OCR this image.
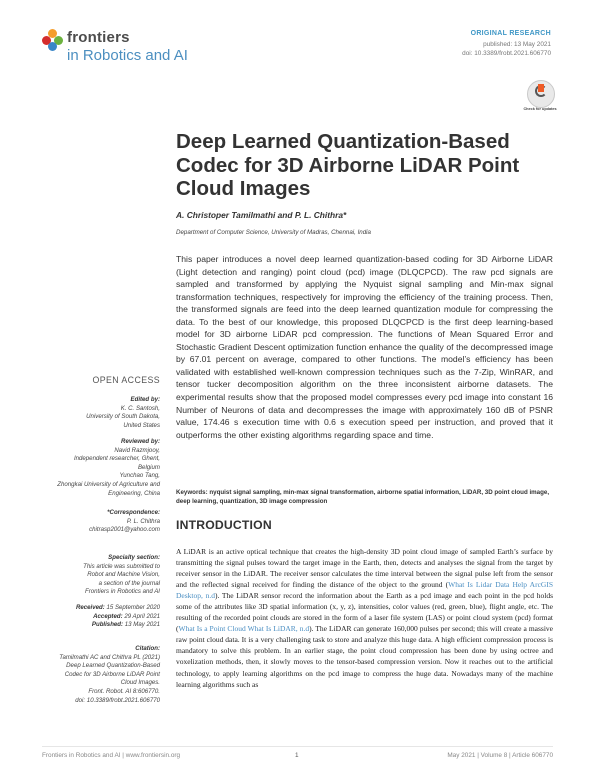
frontiers
in Robotics and AI
ORIGINAL RESEARCH
published: 13 May 2021
doi: 10.3389/frobt.2021.606770
Check for updates
Deep Learned Quantization-Based Codec for 3D Airborne LiDAR Point Cloud Images
A. Christoper Tamilmathi and P. L. Chithra*
Department of Computer Science, University of Madras, Chennai, India
This paper introduces a novel deep learned quantization-based coding for 3D Airborne LiDAR (Light detection and ranging) point cloud (pcd) image (DLQCPCD). The raw pcd signals are sampled and transformed by applying the Nyquist signal sampling and Min-max signal transformation techniques, respectively for improving the efficiency of the training process. Then, the transformed signals are feed into the deep learned quantization module for compressing the data. To the best of our knowledge, this proposed DLQCPCD is the first deep learning-based model for 3D airborne LiDAR pcd compression. The functions of Mean Squared Error and Stochastic Gradient Descent optimization function enhance the quality of the decompressed image by 67.01 percent on average, compared to other functions. The model’s efficiency has been validated with established well-known compression techniques such as the 7-Zip, WinRAR, and tensor tucker decomposition algorithm on the three inconsistent airborne datasets. The experimental results show that the proposed model compresses every pcd image into constant 16 Number of Neurons of data and decompresses the image with approximately 160 dB of PSNR value, 174.46 s execution time with 0.6 s execution speed per instruction, and proved that it outperforms the other existing algorithms regarding space and time.
Keywords: nyquist signal sampling, min-max signal transformation, airborne spatial information, LiDAR, 3D point cloud image, deep learning, quantization, 3D image compression
INTRODUCTION
A LiDAR is an active optical technique that creates the high-density 3D point cloud image of sampled Earth’s surface by transmitting the signal pulses toward the target image in the Earth, then, detects and analyses the signal from the target by receiver sensor in the LiDAR. The receiver sensor calculates the time interval between the signal pulse left from the sensor and the reflected signal received for finding the distance of the object to the ground (What Is Lidar Data Help ArcGIS Desktop, n.d). The LiDAR sensor record the information about the Earth as a pcd image and each point in the pcd holds some of the attributes like 3D spatial information (x, y, z), intensities, color values (red, green, blue), flight angle, etc. The resulting of the recorded point clouds are stored in the form of a laser file system (LAS) or point cloud system (pcd) format (What Is a Point Cloud What Is LiDAR, n.d). The LiDAR can generate 160,000 pulses per second; this will create a massive raw point cloud data. It is a very challenging task to store and analyze this huge data. A high efficient compression process is mandatory to solve this problem. In an earlier stage, the point cloud compression has been done by using octree and voxelization methods, then, it slowly moves to the tensor-based compression version. Now it reaches out to the artificial technology, to apply learning algorithms on the pcd image to compress the huge data. Nowadays many of the machine learning algorithms such as
OPEN ACCESS
Edited by:
K. C. Santosh,
University of South Dakota,
United States
Reviewed by:
Navid Razmjooy,
Independent researcher, Ghent,
Belgium
Yunchao Tang,
Zhongkai University of Agriculture and
Engineering, China
*Correspondence:
P. L. Chithra
chitrasp2001@yahoo.com
Specialty section:
This article was submitted to
Robot and Machine Vision,
a section of the journal
Frontiers in Robotics and AI
Received: 15 September 2020
Accepted: 29 April 2021
Published: 13 May 2021
Citation:
Tamilmathi AC and Chithra PL (2021)
Deep Learned Quantization-Based
Codec for 3D Airborne LiDAR Point
Cloud Images.
Front. Robot. AI 8:606770.
doi: 10.3389/frobt.2021.606770
Frontiers in Robotics and AI | www.frontiersin.org	1	May 2021 | Volume 8 | Article 606770
